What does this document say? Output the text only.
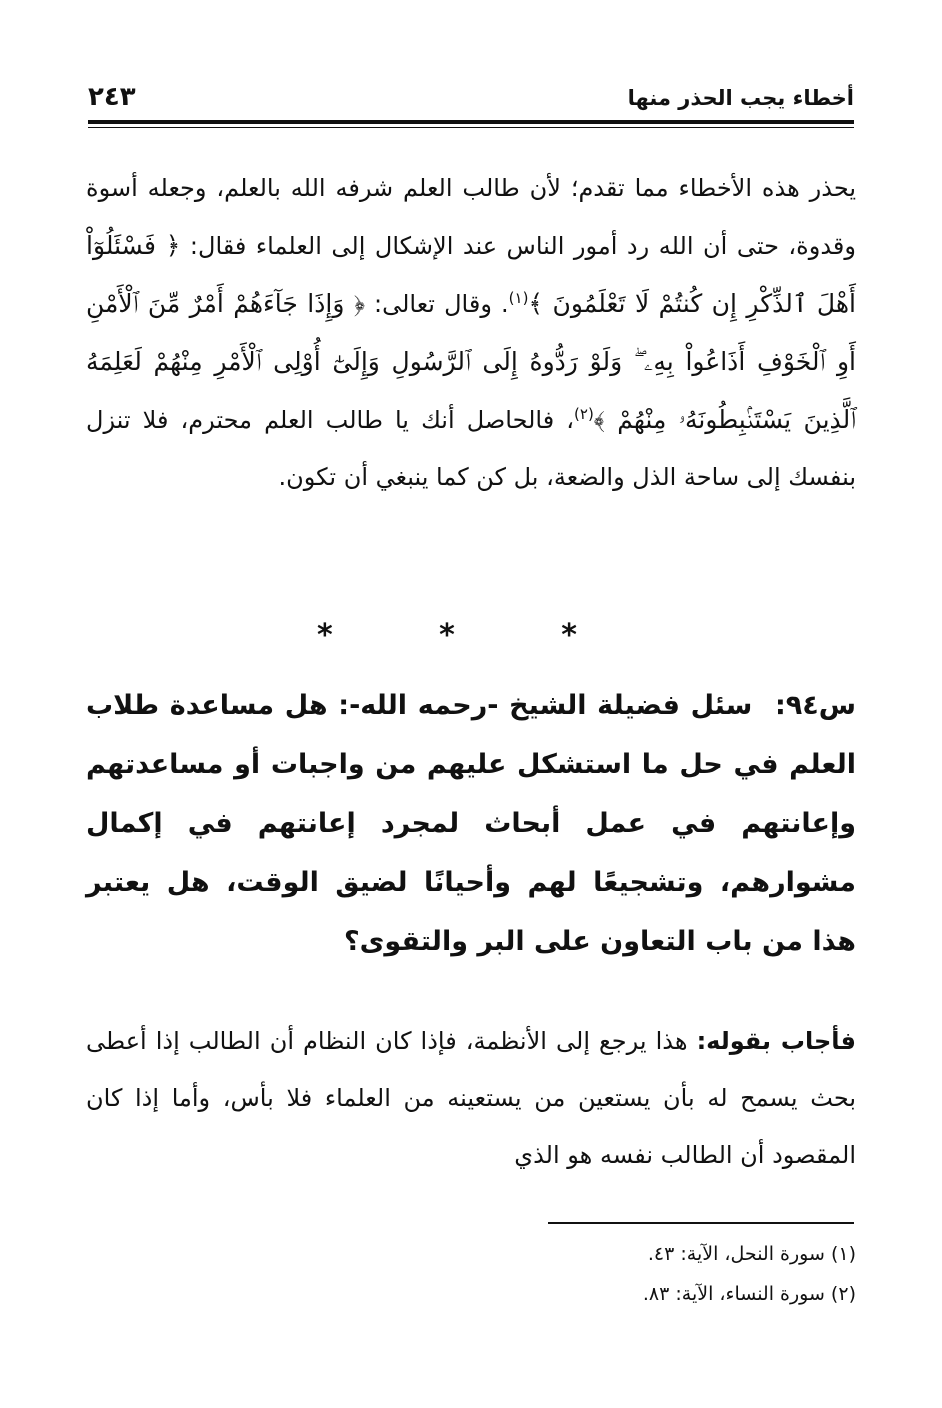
أخطاء يجب الحذر منها
٢٤٣

يحذر هذه الأخطاء مما تقدم؛ لأن طالب العلم شرفه الله بالعلم، وجعله أسوة وقدوة، حتى أن الله رد أمور الناس عند الإشكال إلى العلماء فقال: ﴿ فَسْئَلُوٓاْ أَهْلَ ٱلذِّكْرِ إِن كُنتُمْ لَا تَعْلَمُونَ ﴾$^{(١)}$. وقال تعالى: ﴿ وَإِذَا جَآءَهُمْ أَمْرٌ مِّنَ ٱلْأَمْنِ أَوِ ٱلْخَوْفِ أَذَاعُواْ بِهِۦ ۖ وَلَوْ رَدُّوهُ إِلَى ٱلرَّسُولِ وَإِلَىٰٓ أُوْلِى ٱلْأَمْرِ مِنْهُمْ لَعَلِمَهُ ٱلَّذِينَ يَسْتَنۢبِطُونَهُۥ مِنْهُمْ ﴾$^{(٢)}$، فالحاصل أنك يا طالب العلم محترم، فلا تنزل بنفسك إلى ساحة الذل والضعة، بل كن كما ينبغي أن تكون.

* * *
س٩٤: سئل فضيلة الشيخ -رحمه الله-: هل مساعدة طلاب العلم في حل ما استشكل عليهم من واجبات أو مساعدتهم وإعانتهم في عمل أبحاث لمجرد إعانتهم في إكمال مشوارهم، وتشجيعًا لهم وأحيانًا لضيق الوقت، هل يعتبر هذا من باب التعاون على البر والتقوى؟
فأجاب بقوله: هذا يرجع إلى الأنظمة، فإذا كان النظام أن الطالب إذا أعطى بحث يسمح له بأن يستعين من يستعينه من العلماء فلا بأس، وأما إذا كان المقصود أن الطالب نفسه هو الذي

(١) سورة النحل، الآية: ٤٣.

(٢) سورة النساء، الآية: ٨٣.
